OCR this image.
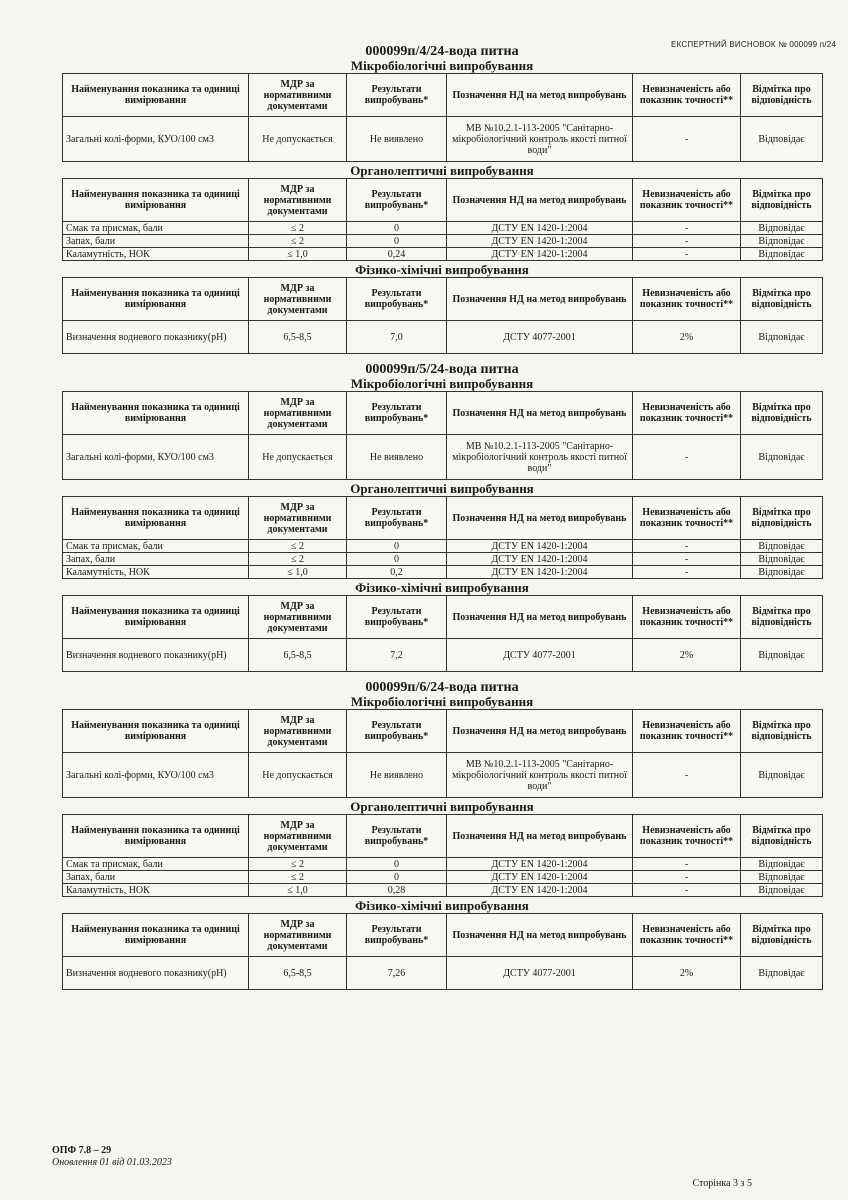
ЕКСПЕРТНИЙ ВИСНОВОК № 000099 п/24
000099п/4/24-вода питна
Мікробіологічні випробування
Найменування показника та одиниці вимірювання	МДР за нормативними документами	Результати випробувань*	Позначення НД на метод випробувань	Невизначеність або показник точності**	Відмітка про відповідність
Загальні колі-форми, КУО/100 см3	Не допускається	Не виявлено	МВ №10.2.1-113-2005 "Санітарно-мікробіологічний контроль якості питної води"	-	Відповідає
Органолептичні випробування
Найменування показника та одиниці вимірювання	МДР за нормативними документами	Результати випробувань*	Позначення НД на метод випробувань	Невизначеність або показник точності**	Відмітка про відповідність
Смак та присмак, бали	≤ 2	0	ДСТУ EN 1420-1:2004	-	Відповідає
Запах, бали	≤ 2	0	ДСТУ EN 1420-1:2004	-	Відповідає
Каламутність, НОК	≤ 1,0	0,24	ДСТУ EN 1420-1:2004	-	Відповідає
Фізико-хімічні випробування
Найменування показника та одиниці вимірювання	МДР за нормативними документами	Результати випробувань*	Позначення НД на метод випробувань	Невизначеність або показник точності**	Відмітка про відповідність
Визначення водневого показнику(pH)	6,5-8,5	7,0	ДСТУ 4077-2001	2%	Відповідає
000099п/5/24-вода питна
Мікробіологічні випробування
Найменування показника та одиниці вимірювання	МДР за нормативними документами	Результати випробувань*	Позначення НД на метод випробувань	Невизначеність або показник точності**	Відмітка про відповідність
Загальні колі-форми, КУО/100 см3	Не допускається	Не виявлено	МВ №10.2.1-113-2005 "Санітарно-мікробіологічний контроль якості питної води"	-	Відповідає
Органолептичні випробування
Найменування показника та одиниці вимірювання	МДР за нормативними документами	Результати випробувань*	Позначення НД на метод випробувань	Невизначеність або показник точності**	Відмітка про відповідність
Смак та присмак, бали	≤ 2	0	ДСТУ EN 1420-1:2004	-	Відповідає
Запах, бали	≤ 2	0	ДСТУ EN 1420-1:2004	-	Відповідає
Каламутність, НОК	≤ 1,0	0,2	ДСТУ EN 1420-1:2004	-	Відповідає
Фізико-хімічні випробування
Найменування показника та одиниці вимірювання	МДР за нормативними документами	Результати випробувань*	Позначення НД на метод випробувань	Невизначеність або показник точності**	Відмітка про відповідність
Визначення водневого показнику(pH)	6,5-8,5	7,2	ДСТУ 4077-2001	2%	Відповідає
000099п/6/24-вода питна
Мікробіологічні випробування
Найменування показника та одиниці вимірювання	МДР за нормативними документами	Результати випробувань*	Позначення НД на метод випробувань	Невизначеність або показник точності**	Відмітка про відповідність
Загальні колі-форми, КУО/100 см3	Не допускається	Не виявлено	МВ №10.2.1-113-2005 "Санітарно-мікробіологічний контроль якості питної води"	-	Відповідає
Органолептичні випробування
Найменування показника та одиниці вимірювання	МДР за нормативними документами	Результати випробувань*	Позначення НД на метод випробувань	Невизначеність або показник точності**	Відмітка про відповідність
Смак та присмак, бали	≤ 2	0	ДСТУ EN 1420-1:2004	-	Відповідає
Запах, бали	≤ 2	0	ДСТУ EN 1420-1:2004	-	Відповідає
Каламутність, НОК	≤ 1,0	0,28	ДСТУ EN 1420-1:2004	-	Відповідає
Фізико-хімічні випробування
Найменування показника та одиниці вимірювання	МДР за нормативними документами	Результати випробувань*	Позначення НД на метод випробувань	Невизначеність або показник точності**	Відмітка про відповідність
Визначення водневого показнику(pH)	6,5-8,5	7,26	ДСТУ 4077-2001	2%	Відповідає
ОПФ 7.8 – 29
Оновлення 01 від 01.03.2023
Сторінка 3 з 5
